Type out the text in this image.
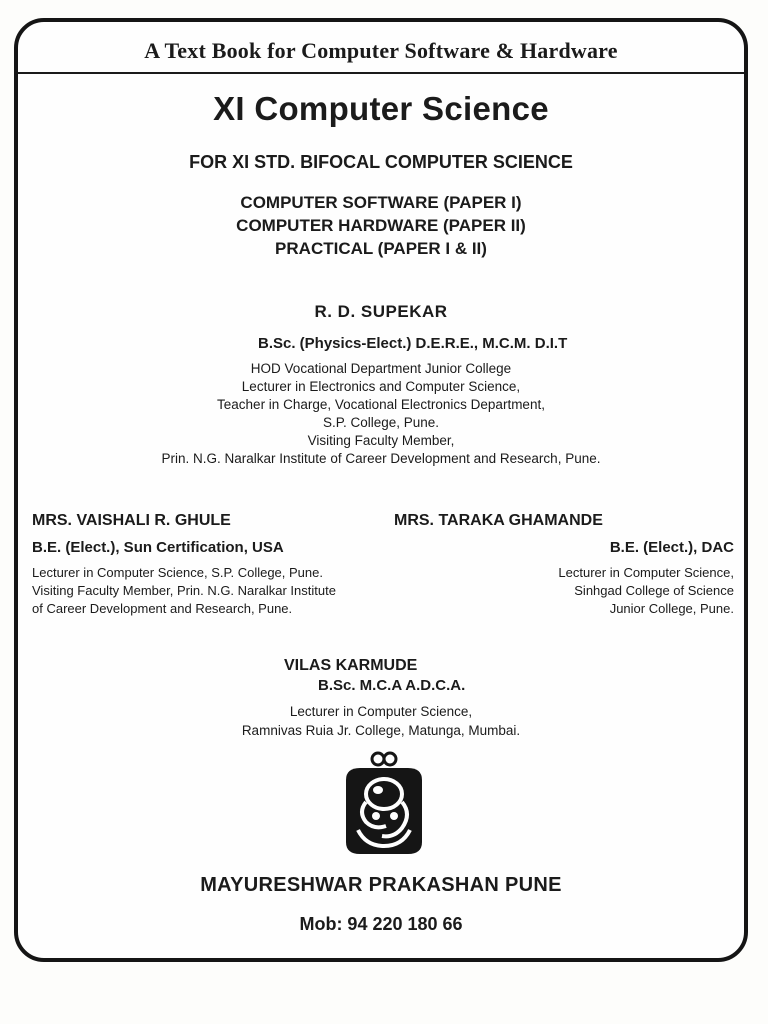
A Text Book for Computer Software & Hardware
XI Computer Science
FOR XI STD. BIFOCAL COMPUTER SCIENCE
COMPUTER SOFTWARE (PAPER I)
COMPUTER HARDWARE (PAPER II)
PRACTICAL (PAPER I & II)
R. D. SUPEKAR
B.Sc. (Physics-Elect.) D.E.R.E., M.C.M. D.I.T
HOD Vocational Department Junior College
Lecturer in Electronics and Computer Science,
Teacher in Charge, Vocational Electronics Department,
S.P. College, Pune.
Visiting Faculty Member,
Prin. N.G. Naralkar Institute of Career Development and Research, Pune.
MRS. VAISHALI R. GHULE
B.E. (Elect.), Sun Certification, USA
Lecturer in Computer Science, S.P. College, Pune.
Visiting Faculty Member, Prin. N.G. Naralkar Institute
of Career Development and Research, Pune.
MRS. TARAKA GHAMANDE
B.E. (Elect.), DAC
Lecturer in Computer Science,
Sinhgad College of Science
Junior College, Pune.
VILAS KARMUDE
B.Sc. M.C.A A.D.C.A.
Lecturer in Computer Science,
Ramnivas Ruia Jr. College, Matunga, Mumbai.
MAYURESHWAR PRAKASHAN PUNE
Mob: 94 220 180 66
